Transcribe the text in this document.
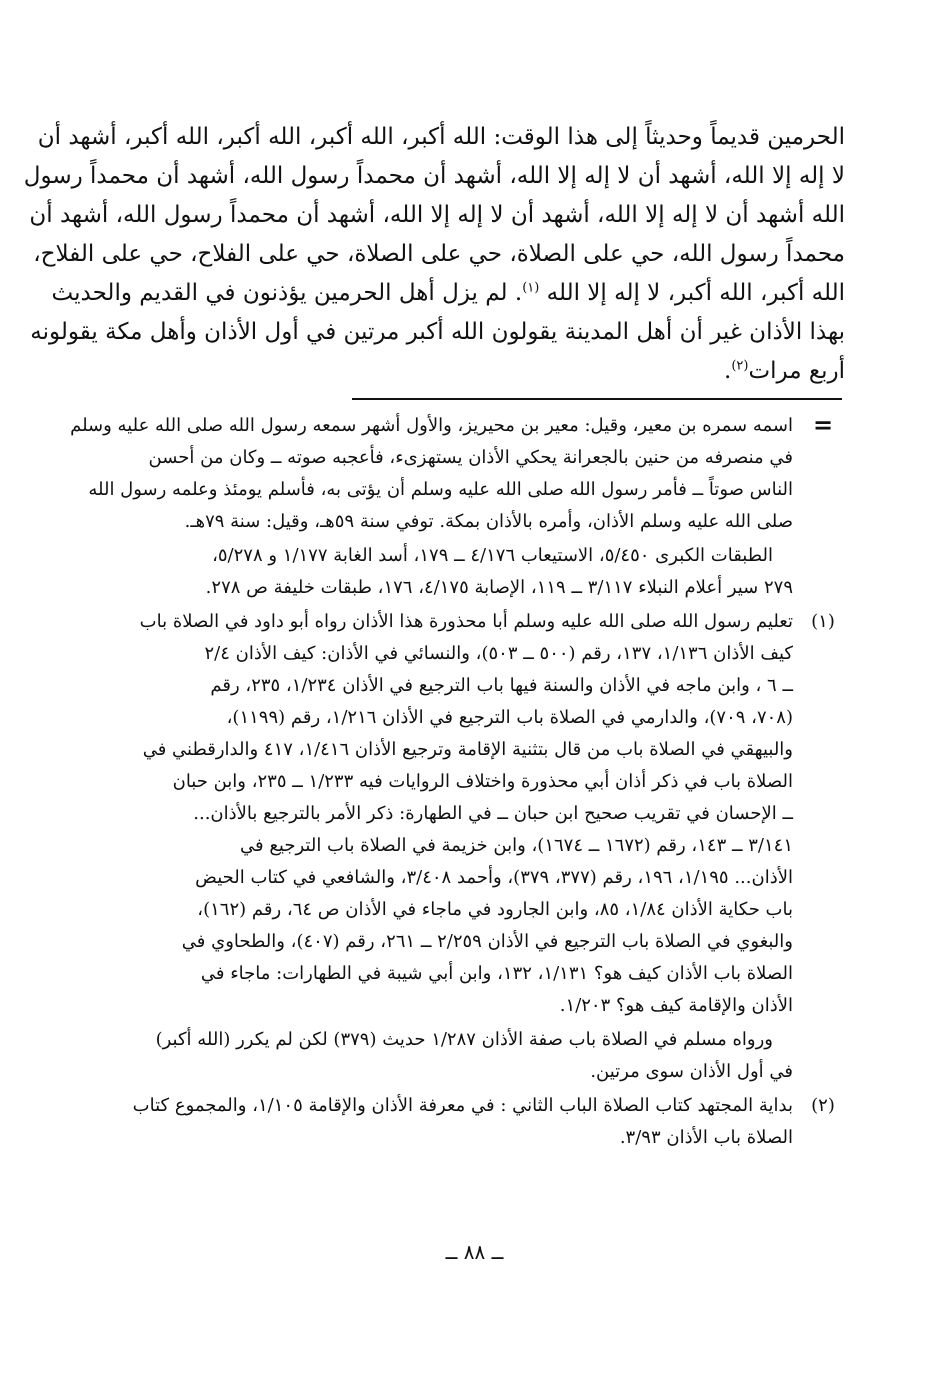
الحرمين قديماً وحديثاً إلى هذا الوقت: الله أكبر، الله أكبر، الله أكبر، الله أكبر، أشهد أن
لا إله إلا الله، أشهد أن لا إله إلا الله، أشهد أن محمداً رسول الله، أشهد أن محمداً رسول
الله أشهد أن لا إله إلا الله، أشهد أن لا إله إلا الله، أشهد أن محمداً رسول الله، أشهد أن
محمداً رسول الله، حي على الصلاة، حي على الصلاة، حي على الفلاح، حي على الفلاح،
الله أكبر، الله أكبر، لا إله إلا الله $^{(١)}$. لم يزل أهل الحرمين يؤذنون في القديم والحديث
بهذا الأذان غير أن أهل المدينة يقولون الله أكبر مرتين في أول الأذان وأهل مكة يقولونه
أربع مرات$^{(٢)}$.

=
اسمه سمره بن معير، وقيل: معير بن محيريز، والأول أشهر سمعه رسول الله صلى الله عليه وسلم
في منصرفه من حنين بالجعرانة يحكي الأذان يستهزىء، فأعجبه صوته ــ وكان من أحسن
الناس صوتاً ــ فأمر رسول الله صلى الله عليه وسلم أن يؤتى به، فأسلم يومئذ وعلمه رسول الله
صلى الله عليه وسلم الأذان، وأمره بالأذان بمكة. توفي سنة ٥٩هـ، وقيل: سنة ٧٩هـ.
الطبقات الكبرى ٥/٤٥٠، الاستيعاب ٤/١٧٦ ــ ١٧٩، أسد الغابة ١/١٧٧ و ٥/٢٧٨،
٢٧٩ سير أعلام النبلاء ٣/١١٧ ــ ١١٩، الإصابة ٤/١٧٥، ١٧٦، طبقات خليفة ص ٢٧٨.
(١)
تعليم رسول الله صلى الله عليه وسلم أبا محذورة هذا الأذان رواه أبو داود في الصلاة باب
كيف الأذان ١/١٣٦، ١٣٧، رقم (٥٠٠ ــ ٥٠٣)، والنسائي في الأذان: كيف الأذان ٢/٤
ــ ٦ ، وابن ماجه في الأذان والسنة فيها باب الترجيع في الأذان ١/٢٣٤، ٢٣٥، رقم
(٧٠٨، ٧٠٩)، والدارمي في الصلاة باب الترجيع في الأذان ١/٢١٦، رقم (١١٩٩)،
والبيهقي في الصلاة باب من قال بتثنية الإقامة وترجيع الأذان ١/٤١٦، ٤١٧ والدارقطني في
الصلاة باب في ذكر أذان أبي محذورة واختلاف الروايات فيه ١/٢٣٣ ــ ٢٣٥، وابن حبان
ــ الإحسان في تقريب صحيح ابن حبان ــ في الطهارة: ذكر الأمر بالترجيع بالأذان...
٣/١٤١ ــ ١٤٣، رقم (١٦٧٢ ــ ١٦٧٤)، وابن خزيمة في الصلاة باب الترجيع في
الأذان... ١/١٩٥، ١٩٦، رقم (٣٧٧، ٣٧٩)، وأحمد ٣/٤٠٨، والشافعي في كتاب الحيض
باب حكاية الأذان ١/٨٤، ٨٥، وابن الجارود في ماجاء في الأذان ص ٦٤، رقم (١٦٢)،
والبغوي في الصلاة باب الترجيع في الأذان ٢/٢٥٩ ــ ٢٦١، رقم (٤٠٧)، والطحاوي في
الصلاة باب الأذان كيف هو؟ ١/١٣١، ١٣٢، وابن أبي شيبة في الطهارات: ماجاء في
الأذان والإقامة كيف هو؟ ١/٢٠٣.
ورواه مسلم في الصلاة باب صفة الأذان ١/٢٨٧ حديث (٣٧٩) لكن لم يكرر (الله أكبر)
في أول الأذان سوى مرتين.
(٢)
بداية المجتهد كتاب الصلاة الباب الثاني : في معرفة الأذان والإقامة ١/١٠٥، والمجموع كتاب
الصلاة باب الأذان ٣/٩٣.
ــ ٨٨ ــ
